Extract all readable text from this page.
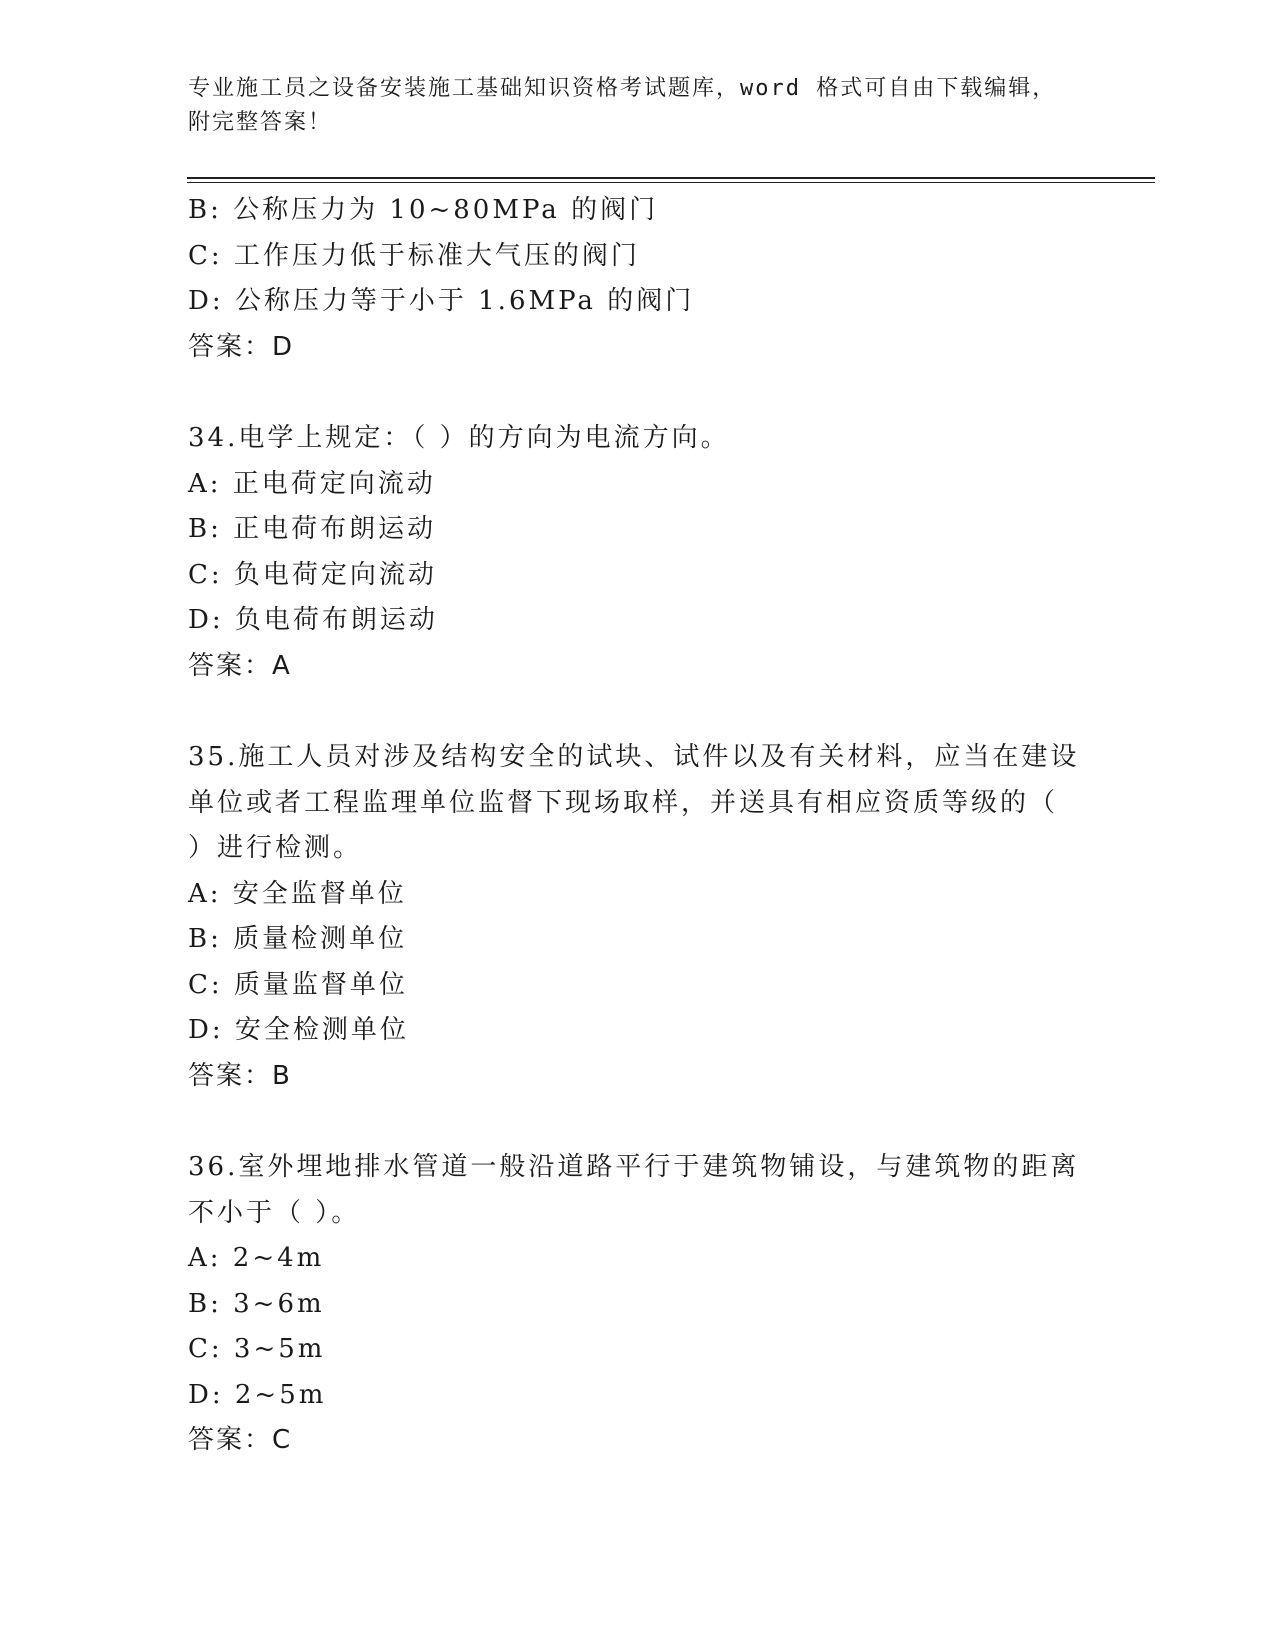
专业施工员之设备安装施工基础知识资格考试题库，word 格式可自由下载编辑，
附完整答案！
B: 公称压力为 10~80MPa 的阀门
C: 工作压力低于标准大气压的阀门
D: 公称压力等于小于 1.6MPa 的阀门
答案：D
34.电学上规定：（ ）的方向为电流方向。
A: 正电荷定向流动
B: 正电荷布朗运动
C: 负电荷定向流动
D: 负电荷布朗运动
答案：A
35.施工人员对涉及结构安全的试块、试件以及有关材料，应当在建设
单位或者工程监理单位监督下现场取样，并送具有相应资质等级的（
）进行检测。
A: 安全监督单位
B: 质量检测单位
C: 质量监督单位
D: 安全检测单位
答案：B
36.室外埋地排水管道一般沿道路平行于建筑物铺设，与建筑物的距离
不小于（ ）。
A: 2~4m
B: 3~6m
C: 3~5m
D: 2~5m
答案：C
